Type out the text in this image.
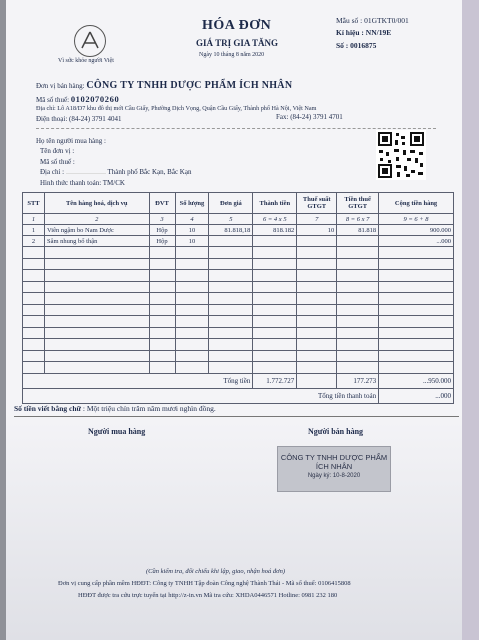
Vì sức khỏe người Việt
HÓA ĐƠN
GIÁ TRỊ GIA TĂNG
Ngày 10 tháng 8 năm 2020
Mẫu số : 01GTKT0/001
Kí hiệu : NN/19E
Số : 0016875
Đơn vị bán hàng: CÔNG TY TNHH DƯỢC PHẨM ÍCH NHÂN
Mã số thuế: 0102070260
Địa chỉ: Lô A18/D7 khu đô thị mới Cầu Giấy, Phường Dịch Vọng, Quận Cầu Giấy, Thành phố Hà Nội, Việt Nam
Điện thoại: (84-24) 3791 4041	Fax: (84-24) 3791 4701
Họ tên người mua hàng :
Tên đơn vị :
Mã số thuế :
Địa chỉ :	Thành phố Bắc Kạn, Bắc Kạn
Hình thức thanh toán: TM/CK
STT	Tên hàng hoá, dịch vụ	ĐVT	Số lượng	Đơn giá	Thành tiền	Thuế suất GTGT	Tiền thuế GTGT	Cộng tiền hàng
1	2	3	4	5	6 = 4 x 5	7	8 = 6 x 7	9 = 6 + 8
1	Viên ngậm bo Nam Dược	Hộp	10	81.818,18	818.182	10	81.818	900.000
2	Sâm nhung bổ thận	Hộp	10					...000

Tổng tiền					1.772.727		177.273	...950.000
Tổng tiền thanh toán								...000
Số tiền viết bằng chữ : Một triệu chín trăm năm mươi nghìn đồng.
Người mua hàng	Người bán hàng
CÔNG TY TNHH DƯỢC PHẨM ÍCH NHÂN
Ngày ký: 10-8-2020
(Cần kiểm tra, đối chiếu khi lập, giao, nhận hoá đơn)
Đơn vị cung cấp phần mềm HĐĐT: Công ty TNHH Tập đoàn Công nghệ Thành Thái - Mã số thuế: 0106415808
HĐĐT được tra cứu trực tuyến tại http://z-in.vn Mã tra cứu: XHDA0446571 Hotline: 0981 232 180
